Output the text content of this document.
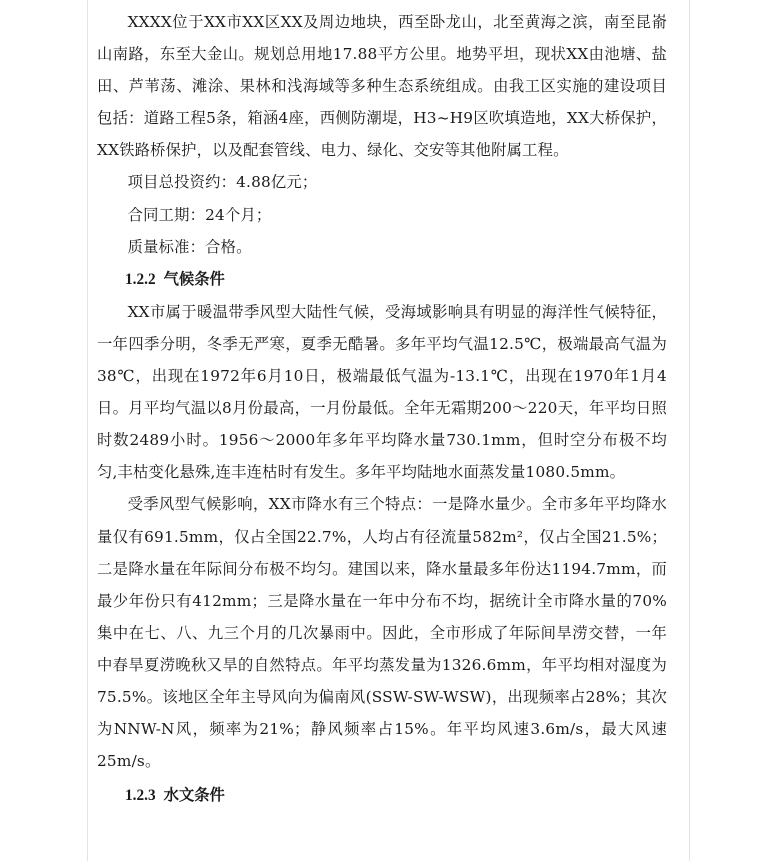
XXXX位于XX市XX区XX及周边地块，西至卧龙山，北至黄海之滨，南至昆嵛山南路，东至大金山。规划总用地17.88平方公里。地势平坦，现状XX由池塘、盐田、芦苇荡、滩涂、果林和浅海域等多种生态系统组成。由我工区实施的建设项目包括：道路工程5条，箱涵4座，西侧防潮堤，H3~H9区吹填造地，XX大桥保护，XX铁路桥保护，以及配套管线、电力、绿化、交安等其他附属工程。

项目总投资约：4.88亿元；

合同工期：24个月；

质量标准：合格。

1.2.2 气候条件

XX市属于暖温带季风型大陆性气候，受海域影响具有明显的海洋性气候特征，一年四季分明，冬季无严寒，夏季无酷暑。多年平均气温12.5℃，极端最高气温为38℃，出现在1972年6月10日，极端最低气温为-13.1℃，出现在1970年1月4日。月平均气温以8月份最高，一月份最低。全年无霜期200～220天，年平均日照时数2489小时。1956～2000年多年平均降水量730.1mm，但时空分布极不均匀,丰枯变化悬殊,连丰连枯时有发生。多年平均陆地水面蒸发量1080.5mm。

受季风型气候影响，XX市降水有三个特点：一是降水量少。全市多年平均降水量仅有691.5mm，仅占全国22.7%，人均占有径流量582m²，仅占全国21.5%；二是降水量在年际间分布极不均匀。建国以来，降水量最多年份达1194.7mm，而最少年份只有412mm；三是降水量在一年中分布不均，据统计全市降水量的70%集中在七、八、九三个月的几次暴雨中。因此，全市形成了年际间旱涝交替，一年中春旱夏涝晚秋又旱的自然特点。年平均蒸发量为1326.6mm，年平均相对湿度为75.5%。该地区全年主导风向为偏南风(SSW-SW-WSW)，出现频率占28%；其次为NNW-N风，频率为21%；静风频率占15%。年平均风速3.6m/s，最大风速25m/s。

1.2.3 水文条件
